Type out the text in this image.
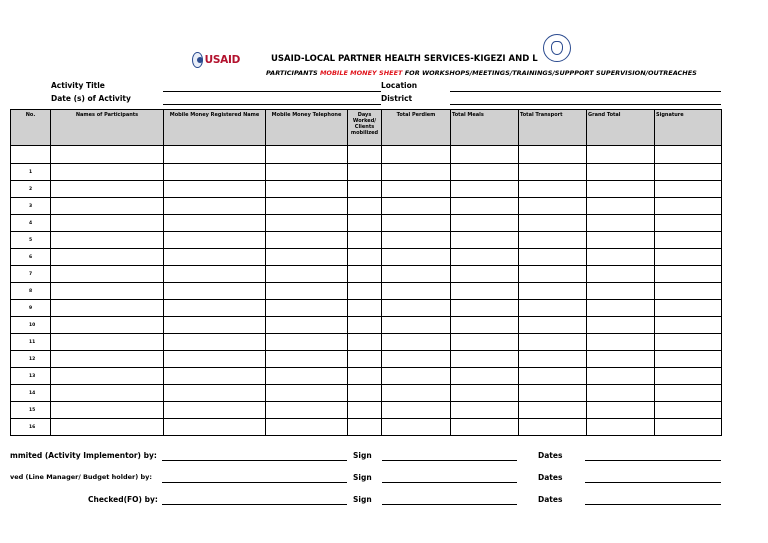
USAID	USAID-LOCAL PARTNER HEALTH SERVICES-KIGEZI AND L
PARTICIPANTS MOBILE MONEY SHEET FOR WORKSHOPS/MEETINGS/TRAININGS/SUPPPORT SUPERVISION/OUTREACHES
Activity Title	Location
Date (s) of Activity	District
No.	Names of Participants	Mobile Money Registered Name	Mobile Money Telephone	Days Worked/ Clients mobilized	Total Perdiem	Total Meals	Total Transport	Grand Total	Signature

1									
2									
3									
4									
5									
6									
7									
8									
9									
10									
11									
12									
13									
14									
15									
16									
mmited (Activity Implementor) by:	Sign	Dates
ved (Line Manager/ Budget holder) by:	Sign	Dates
Checked(FO) by:	Sign	Dates
